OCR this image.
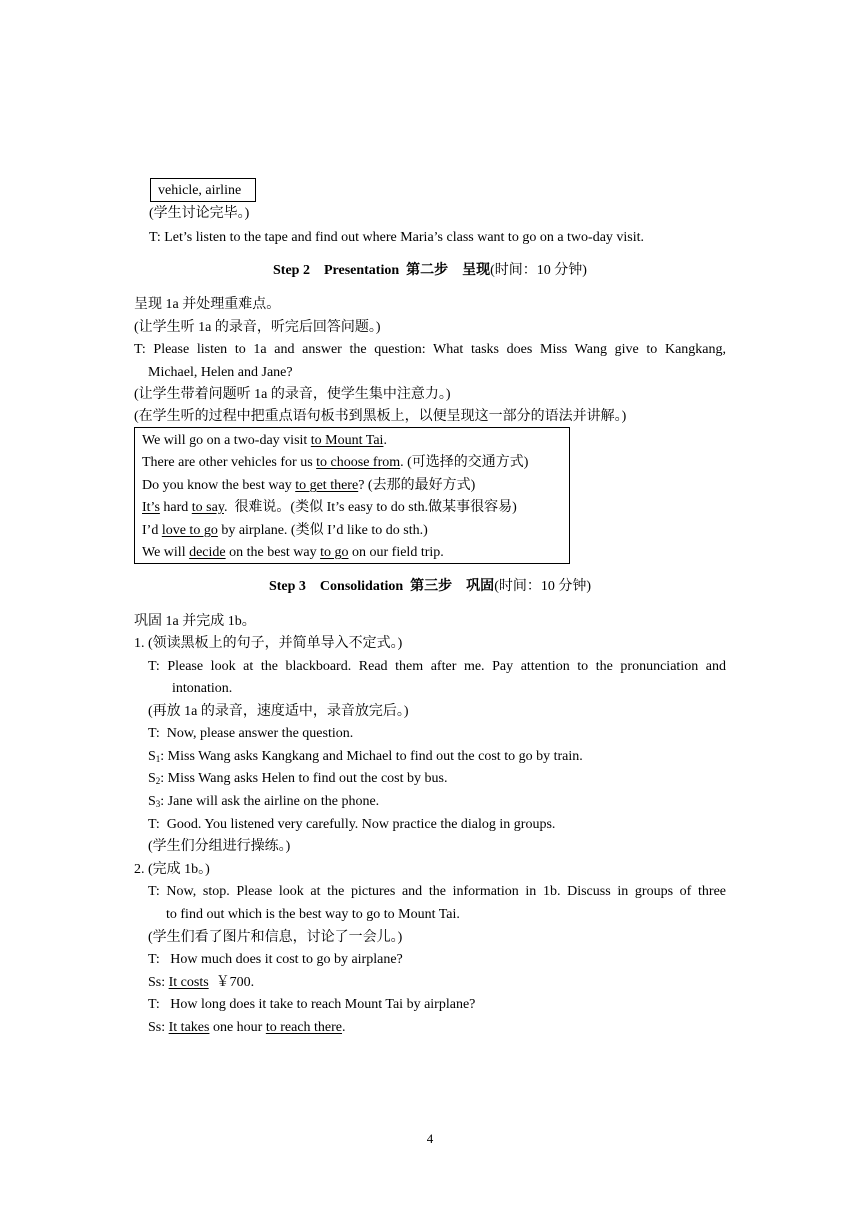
vehicle, airline
(学生讨论完毕。)
T: Let’s listen to the tape and find out where Maria’s class want to go on a two-day visit.
Step 2    Presentation  第二步    呈现(时间：10 分钟)
呈现 1a 并处理重难点。
(让学生听 1a 的录音，听完后回答问题。)
T: Please listen to 1a and answer the question: What tasks does Miss Wang give to Kangkang,
Michael, Helen and Jane?
(让学生带着问题听 1a 的录音，使学生集中注意力。)
(在学生听的过程中把重点语句板书到黑板上，以便呈现这一部分的语法并讲解。)
We will go on a two-day visit to Mount Tai.
There are other vehicles for us to choose from. (可选择的交通方式)
Do you know the best way to get there? (去那的最好方式)
It’s hard to say.  很难说。(类似 It’s easy to do sth.做某事很容易)
I’d love to go by airplane. (类似 I’d like to do sth.)
We will decide on the best way to go on our field trip.
Step 3    Consolidation  第三步    巩固(时间：10 分钟)
巩固 1a 并完成 1b。
1. (领读黑板上的句子，并简单导入不定式。)
T: Please look at the blackboard. Read them after me. Pay attention to the pronunciation and
intonation.
(再放 1a 的录音，速度适中，录音放完后。)
T:  Now, please answer the question.
$S_1$: Miss Wang asks Kangkang and Michael to find out the cost to go by train.
$S_2$: Miss Wang asks Helen to find out the cost by bus.
$S_3$: Jane will ask the airline on the phone.
T:  Good. You listened very carefully. Now practice the dialog in groups.
(学生们分组进行操练。)
2. (完成 1b。)
T: Now, stop. Please look at the pictures and the information in 1b. Discuss in groups of three
to find out which is the best way to go to Mount Tai.
(学生们看了图片和信息，讨论了一会儿。)
T:   How much does it cost to go by airplane?
Ss: It costs  ￥700.
T:   How long does it take to reach Mount Tai by airplane?
Ss: It takes one hour to reach there.
4
